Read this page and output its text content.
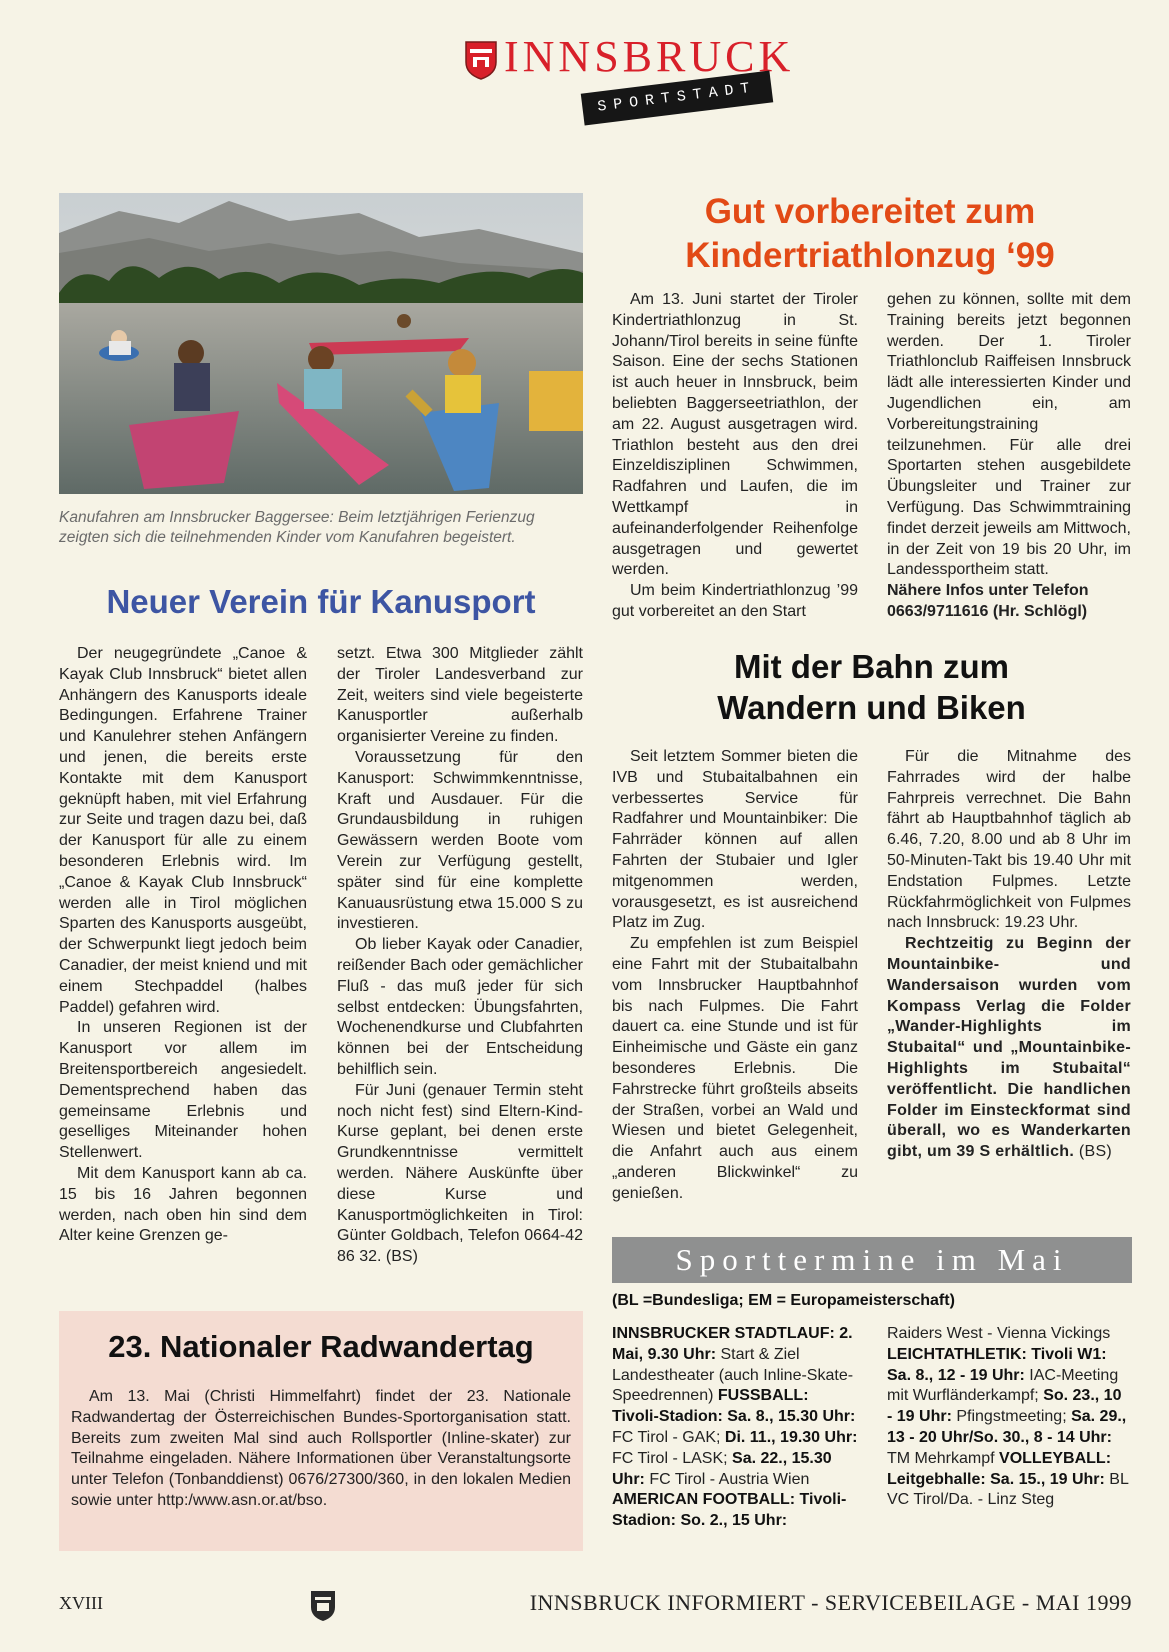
INNSBRUCK
SPORTSTADT
Kanufahren am Innsbrucker Baggersee: Beim letztjährigen Ferienzug zeigten sich die teilnehmenden Kinder vom Kanufahren begeistert.
Neuer Verein für Kanusport

Der neugegründete „Canoe & Kayak Club Innsbruck“ bietet allen Anhängern des Kanusports ideale Bedingungen. Erfahrene Trainer und Kanulehrer stehen Anfängern und jenen, die bereits erste Kontakte mit dem Kanusport geknüpft haben, mit viel Erfahrung zur Seite und tragen dazu bei, daß der Kanusport für alle zu einem besonderen Erlebnis wird. Im „Canoe & Kayak Club Innsbruck“ werden alle in Tirol möglichen Sparten des Kanusports ausgeübt, der Schwerpunkt liegt jedoch beim Canadier, der meist kniend und mit einem Stechpaddel (halbes Paddel) gefahren wird.

In unseren Regionen ist der Kanusport vor allem im Breitensportbereich angesiedelt. Dementsprechend haben das gemeinsame Erlebnis und geselliges Miteinander hohen Stellenwert.

Mit dem Kanusport kann ab ca. 15 bis 16 Jahren begonnen werden, nach oben hin sind dem Alter keine Grenzen ge-

setzt. Etwa 300 Mitglieder zählt der Tiroler Landesverband zur Zeit, weiters sind viele begeisterte Kanusportler außerhalb organisierter Vereine zu finden.

Voraussetzung für den Kanusport: Schwimmkenntnisse, Kraft und Ausdauer. Für die Grundausbildung in ruhigen Gewässern werden Boote vom Verein zur Verfügung gestellt, später sind für eine komplette Kanuausrüstung etwa 15.000 S zu investieren.

Ob lieber Kayak oder Canadier, reißender Bach oder gemächlicher Fluß - das muß jeder für sich selbst entdecken: Übungsfahrten, Wochenendkurse und Clubfahrten können bei der Entscheidung behilflich sein.

Für Juni (genauer Termin steht noch nicht fest) sind Eltern-Kind-Kurse geplant, bei denen erste Grundkenntnisse vermittelt werden. Nähere Auskünfte über diese Kurse und Kanusportmöglichkeiten in Tirol: Günter Goldbach, Telefon 0664-42 86 32. (BS)

Gut vorbereitet zum
Kindertriathlonzug ‘99

Am 13. Juni startet der Tiroler Kindertriathlonzug in St. Johann/Tirol bereits in seine fünfte Saison. Eine der sechs Stationen ist auch heuer in Innsbruck, beim beliebten Baggerseetriathlon, der am 22. August ausgetragen wird. Triathlon besteht aus den drei Einzeldisziplinen Schwimmen, Radfahren und Laufen, die im Wettkampf in aufeinanderfolgender Reihenfolge ausgetragen und gewertet werden.

Um beim Kindertriathlonzug ’99 gut vorbereitet an den Start

gehen zu können, sollte mit dem Training bereits jetzt begonnen werden. Der 1. Tiroler Triathlonclub Raiffeisen Innsbruck lädt alle interessierten Kinder und Jugendlichen ein, am Vorbereitungstraining teilzunehmen. Für alle drei Sportarten stehen ausgebildete Übungsleiter und Trainer zur Verfügung. Das Schwimmtraining findet derzeit jeweils am Mittwoch, in der Zeit von 19 bis 20 Uhr, im Landessportheim statt.

Nähere Infos unter Telefon 0663/9711616 (Hr. Schlögl)

Mit der Bahn zum
Wandern und Biken

Seit letztem Sommer bieten die IVB und Stubaitalbahnen ein verbessertes Service für Radfahrer und Mountainbiker: Die Fahrräder können auf allen Fahrten der Stubaier und Igler mitgenommen werden, vorausgesetzt, es ist ausreichend Platz im Zug.

Zu empfehlen ist zum Beispiel eine Fahrt mit der Stubaitalbahn vom Innsbrucker Hauptbahnhof bis nach Fulpmes. Die Fahrt dauert ca. eine Stunde und ist für Einheimische und Gäste ein ganz besonderes Erlebnis. Die Fahrstrecke führt großteils abseits der Straßen, vorbei an Wald und Wiesen und bietet Gelegenheit, die Anfahrt auch aus einem „anderen Blickwinkel“ zu genießen.

Für die Mitnahme des Fahrrades wird der halbe Fahrpreis verrechnet. Die Bahn fährt ab Hauptbahnhof täglich ab 6.46, 7.20, 8.00 und ab 8 Uhr im 50-Minuten-Takt bis 19.40 Uhr mit Endstation Fulpmes. Letzte Rückfahrmöglichkeit von Fulpmes nach Innsbruck: 19.23 Uhr.

Rechtzeitig zu Beginn der Mountainbike- und Wandersaison wurden vom Kompass Verlag die Folder „Wander-Highlights im Stubaital“ und „Mountainbike-Highlights im Stubaital“ veröffentlicht. Die handlichen Folder im Einsteckformat sind überall, wo es Wanderkarten gibt, um 39 S erhältlich. (BS)

23. Nationaler Radwandertag
Am 13. Mai (Christi Himmelfahrt) findet der 23. Nationale Radwandertag der Österreichischen Bundes-Sportorganisation statt. Bereits zum zweiten Mal sind auch Rollsportler (Inline-skater) zur Teilnahme eingeladen. Nähere Informationen über Veranstaltungsorte unter Telefon (Tonbanddienst) 0676/27300/360, in den lokalen Medien sowie unter http:/www.asn.or.at/bso.
Sporttermine im Mai
(BL =Bundesliga; EM = Europameisterschaft)
INNSBRUCKER STADTLAUF: 2. Mai, 9.30 Uhr: Start & Ziel Landestheater (auch Inline-Skate-Speedrennen) FUSSBALL: Tivoli-Stadion: Sa. 8., 15.30 Uhr: FC Tirol - GAK; Di. 11., 19.30 Uhr: FC Tirol - LASK; Sa. 22., 15.30 Uhr: FC Tirol - Austria Wien AMERICAN FOOTBALL: Tivoli-Stadion: So. 2., 15 Uhr:
Raiders West - Vienna Vickings LEICHTATHLETIK: Tivoli W1: Sa. 8., 12 - 19 Uhr: IAC-Meeting mit Wurfländerkampf; So. 23., 10 - 19 Uhr: Pfingstmeeting; Sa. 29., 13 - 20 Uhr/So. 30., 8 - 14 Uhr: TM Mehrkampf VOLLEYBALL: Leitgebhalle: Sa. 15., 19 Uhr: BL VC Tirol/Da. - Linz Steg
XVIII	INNSBRUCK INFORMIERT - SERVICEBEILAGE - MAI 1999
